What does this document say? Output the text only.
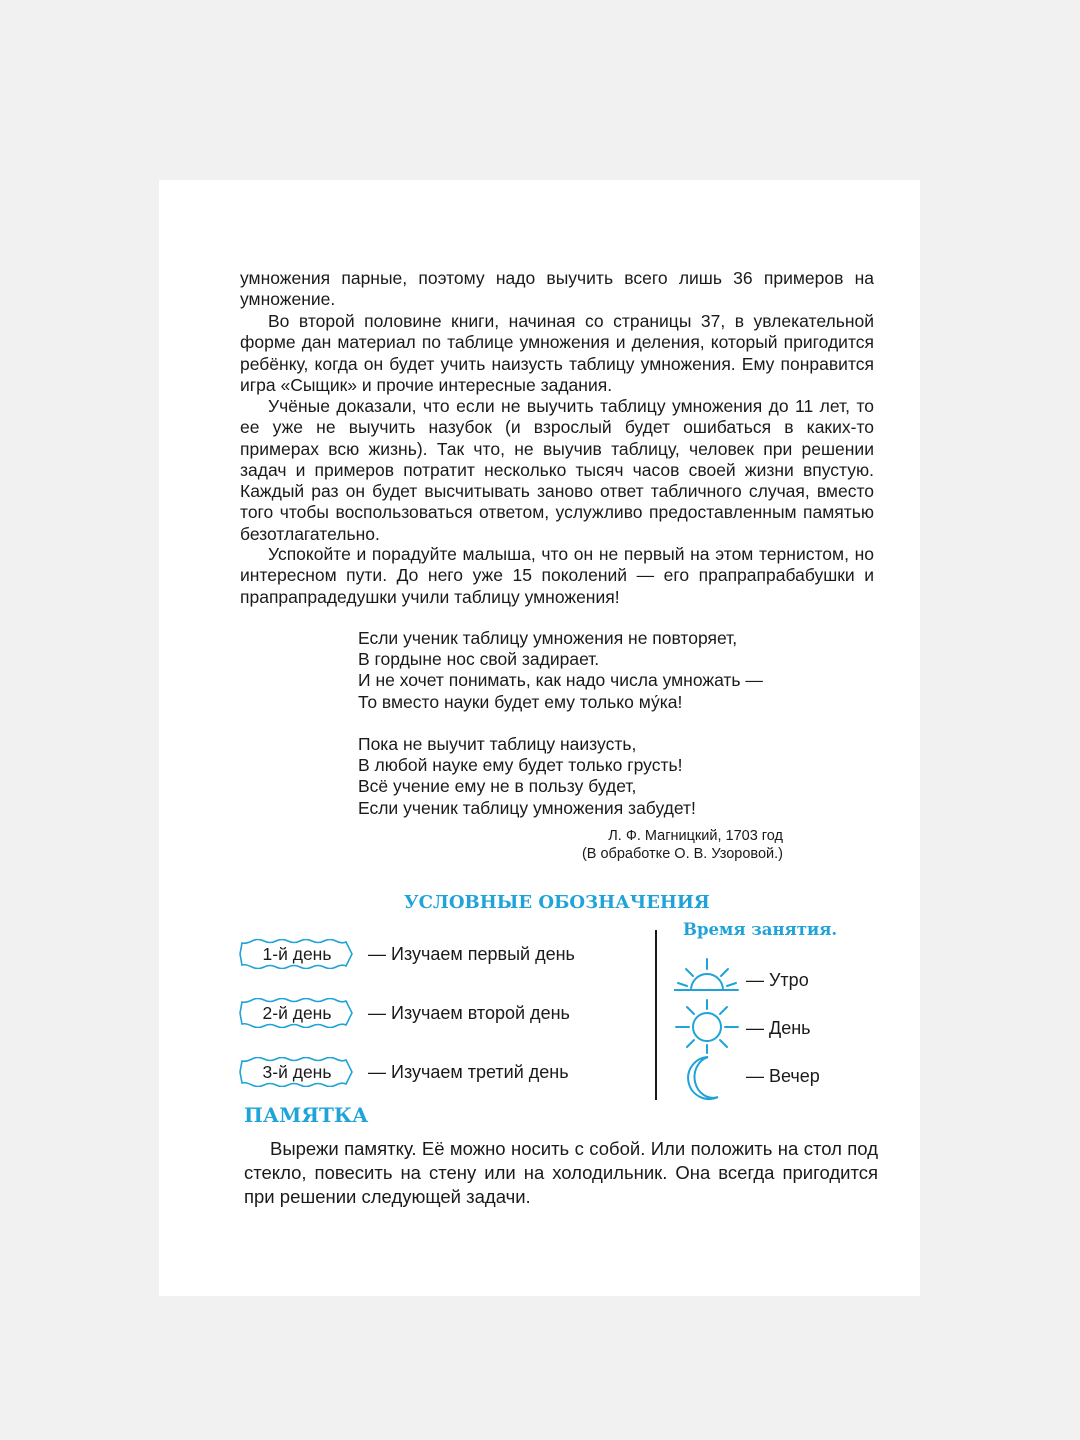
умножения парные, поэтому надо выучить всего лишь 36 примеров на умножение.

Во второй половине книги, начиная со страницы 37, в увлекательной форме дан материал по таблице умножения и деления, который пригодится ребёнку, когда он будет учить наизусть таблицу умножения. Ему понравится игра «Сыщик» и прочие интересные задания.

Учёные доказали, что если не выучить таблицу умножения до 11 лет, то ее уже не выучить назубок (и взрослый будет ошибаться в каких-то примерах всю жизнь). Так что, не выучив таблицу, человек при решении задач и примеров потратит несколько тысяч часов своей жизни впустую. Каждый раз он будет высчитывать заново ответ табличного случая, вместо того чтобы воспользоваться ответом, услужливо предоставленным памятью безотлагательно.

Успокойте и порадуйте малыша, что он не первый на этом тернистом, но интересном пути. До него уже 15 поколений — его прапрапрабабушки и прапрапрадедушки учили таблицу умножения!

Если ученик таблицу умножения не повторяет,
В гордыне нос свой задирает.
И не хочет понимать, как надо числа умножать —
То вместо науки будет ему только му́ка!
Пока не выучит таблицу наизусть,
В любой науке ему будет только грусть!
Всё учение ему не в пользу будет,
Если ученик таблицу умножения забудет!
Л. Ф. Магницкий, 1703 год
(В обработке О. В. Узоровой.)
УСЛОВНЫЕ ОБОЗНАЧЕНИЯ
1-й день	— Изучаем первый день
2-й день	— Изучаем второй день
3-й день	— Изучаем третий день
Время занятия.
— Утро
— День
— Вечер
ПАМЯТКА

Вырежи памятку. Её можно носить с собой. Или положить на стол под стекло, повесить на стену или на холодильник. Она всегда пригодится при решении следующей задачи.
